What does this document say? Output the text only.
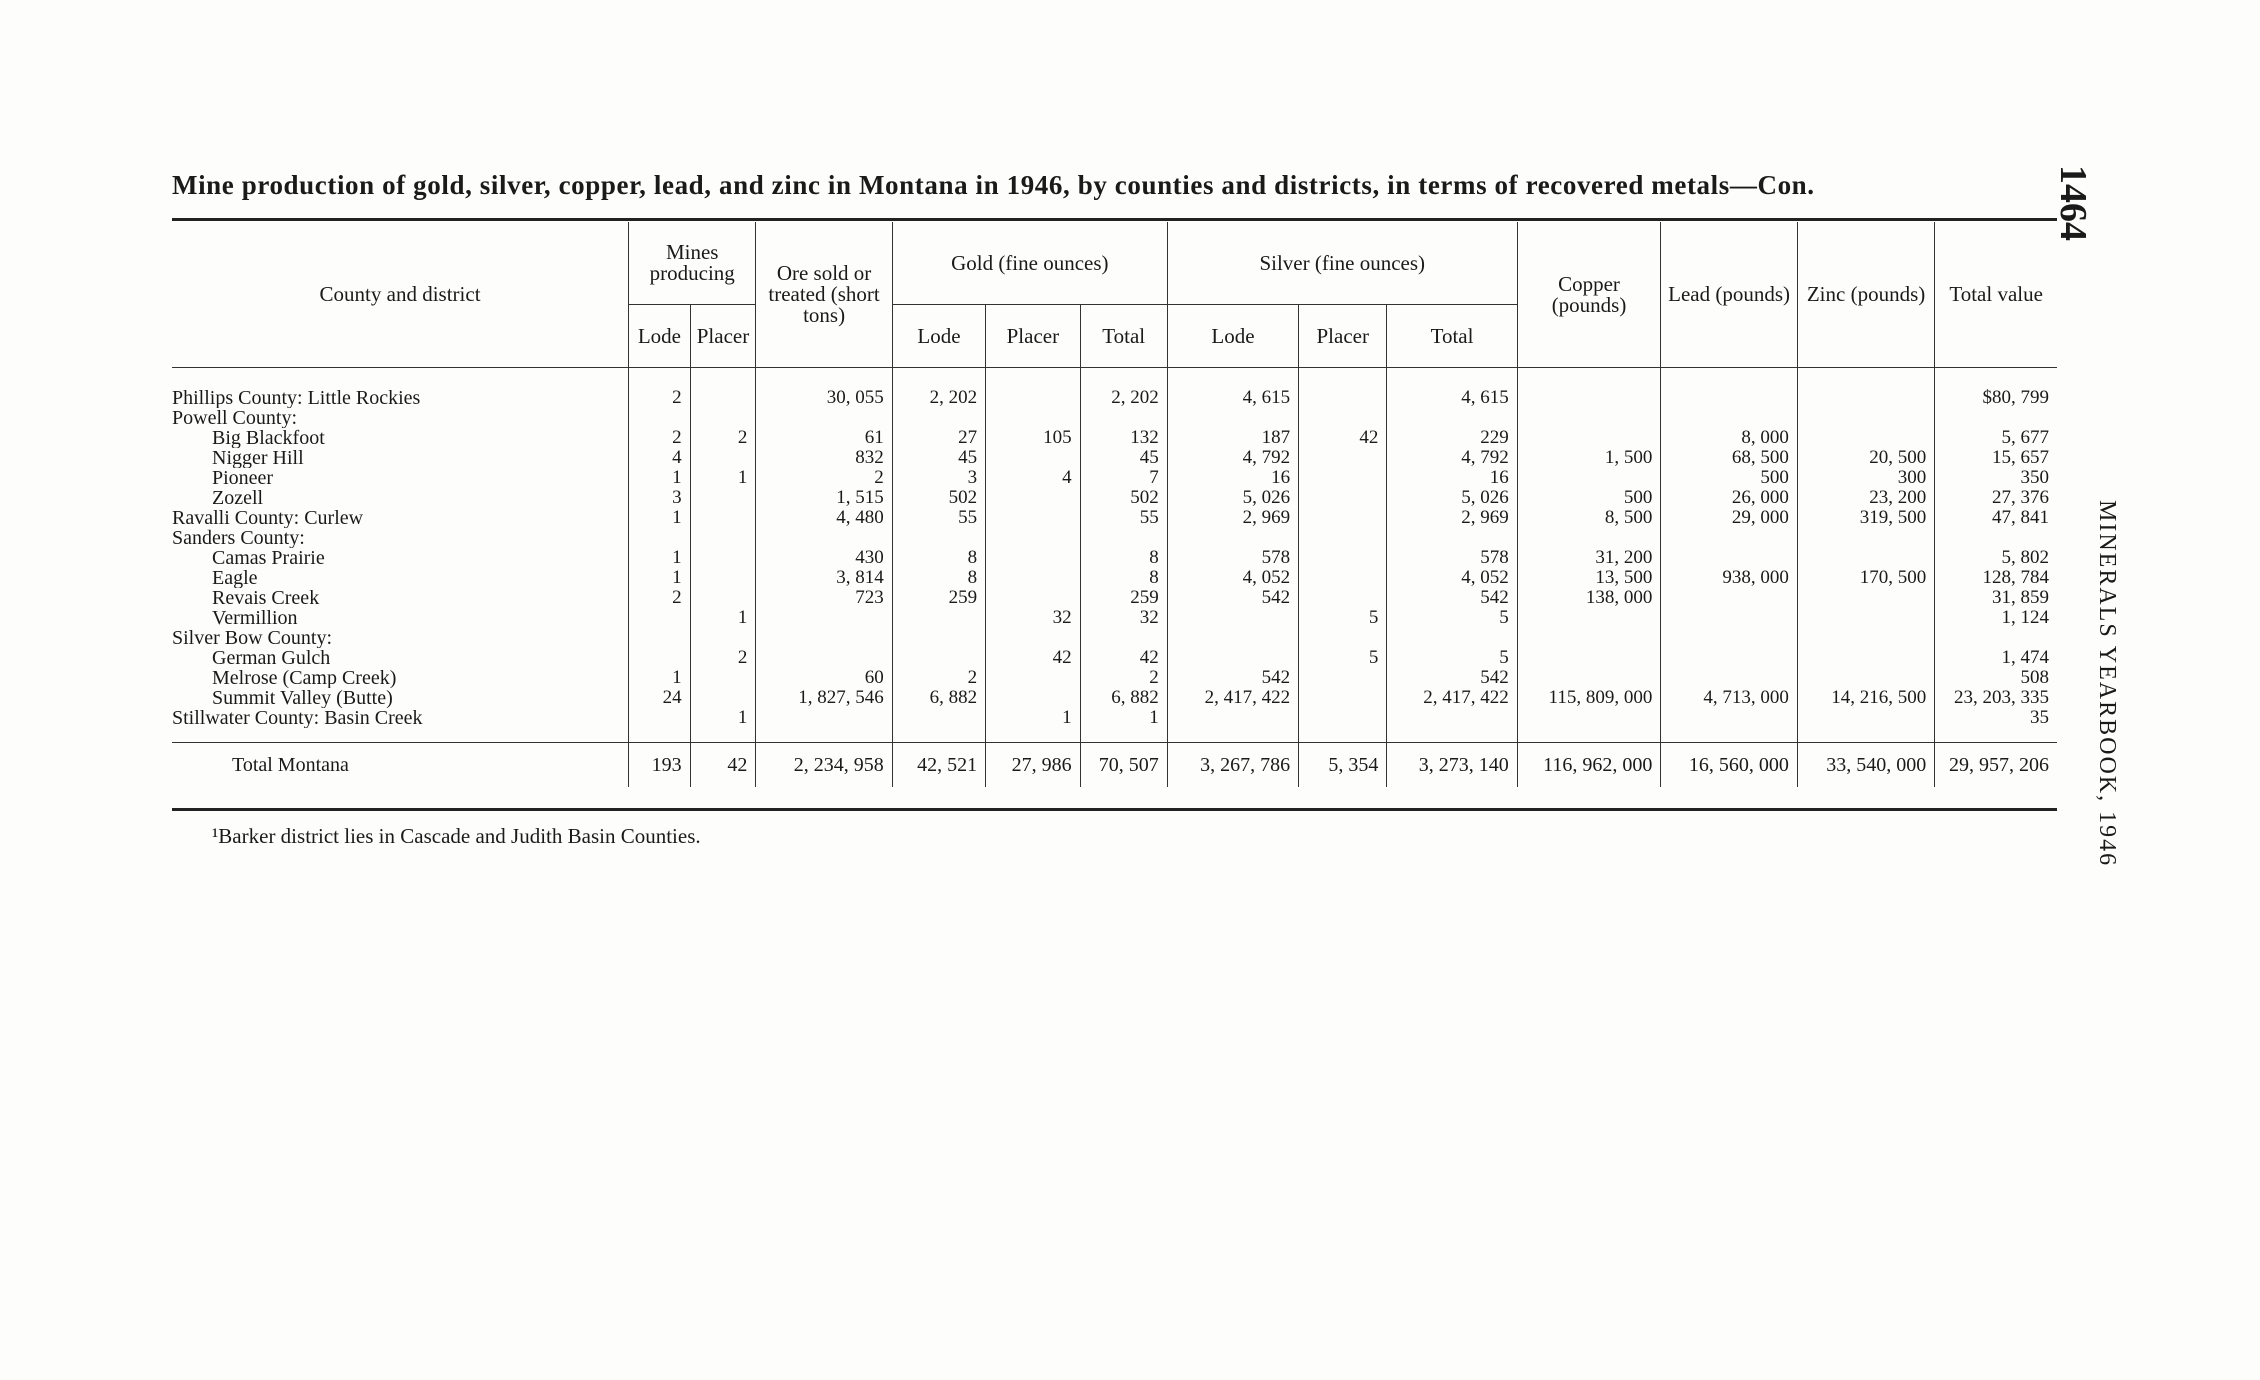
Mine production of gold, silver, copper, lead, and zinc in Montana in 1946, by counties and districts, in terms of recovered metals—Con.	1464
MINERALS YEARBOOK, 1946
County and district	Mines producing		Ore sold or treated (short tons)	Gold (fine ounces)			Silver (fine ounces)			Copper (pounds)	Lead (pounds)	Zinc (pounds)	Total value
	Lode	Placer		Lode	Placer	Total	Lode	Placer	Total				

Phillips County: Little Rockies	2		30, 055	2, 202		2, 202	4, 615		4, 615				$80, 799
Powell County:													
Big Blackfoot	2	2	61	27	105	132	187	42	229		8, 000		5, 677
Nigger Hill	4		832	45		45	4, 792		4, 792	1, 500	68, 500	20, 500	15, 657
Pioneer	1	1	2	3	4	7	16		16		500	300	350
Zozell	3		1, 515	502		502	5, 026		5, 026	500	26, 000	23, 200	27, 376
Ravalli County: Curlew	1		4, 480	55		55	2, 969		2, 969	8, 500	29, 000	319, 500	47, 841
Sanders County:													
Camas Prairie	1		430	8		8	578		578	31, 200			5, 802
Eagle	1		3, 814	8		8	4, 052		4, 052	13, 500	938, 000	170, 500	128, 784
Revais Creek	2		723	259		259	542		542	138, 000			31, 859
Vermillion		1			32	32		5	5				1, 124
Silver Bow County:													
German Gulch		2			42	42		5	5				1, 474
Melrose (Camp Creek)	1		60	2		2	542		542				508
Summit Valley (Butte)	24		1, 827, 546	6, 882		6, 882	2, 417, 422		2, 417, 422	115, 809, 000	4, 713, 000	14, 216, 500	23, 203, 335
Stillwater County: Basin Creek		1			1	1							35

Total Montana	193	42	2, 234, 958	42, 521	27, 986	70, 507	3, 267, 786	5, 354	3, 273, 140	116, 962, 000	16, 560, 000	33, 540, 000	29, 957, 206
¹Barker district lies in Cascade and Judith Basin Counties.
